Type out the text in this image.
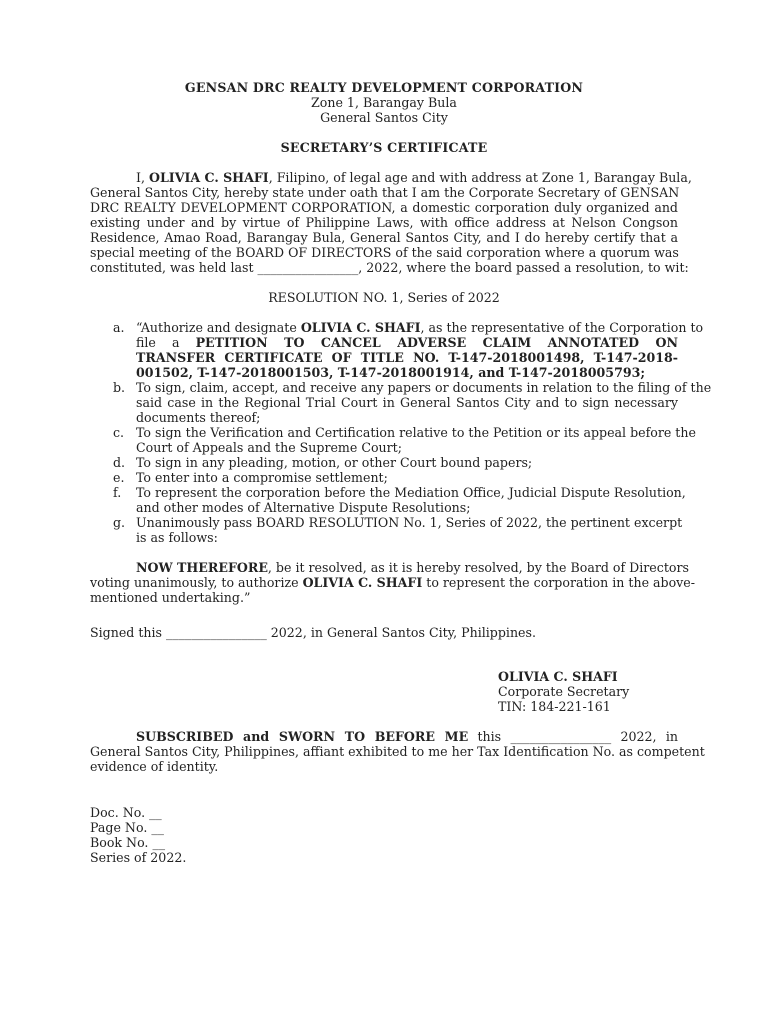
GENSAN DRC REALTY DEVELOPMENT CORPORATION
Zone 1, Barangay Bula
General Santos City
SECRETARY’S CERTIFICATE
I, OLIVIA C. SHAFI, Filipino, of legal age and with address at Zone 1, Barangay Bula,
General Santos City, hereby state under oath that I am the Corporate Secretary of GENSAN
DRC REALTY DEVELOPMENT CORPORATION, a domestic corporation duly organized and
existing under and by virtue of Philippine Laws, with office address at Nelson Congson
Residence, Amao Road, Barangay Bula, General Santos City, and I do hereby certify that a
special meeting of the BOARD OF DIRECTORS of the said corporation where a quorum was
constituted, was held last ________________, 2022, where the board passed a resolution, to wit:
RESOLUTION NO. 1, Series of 2022
a. “Authorize and designate OLIVIA C. SHAFI, as the representative of the Corporation to
file a PETITION TO CANCEL ADVERSE CLAIM ANNOTATED ON
TRANSFER CERTIFICATE OF TITLE NO. T-147-2018001498, T-147-2018-
001502, T-147-2018001503, T-147-2018001914, and T-147-2018005793;
b. To sign, claim, accept, and receive any papers or documents in relation to the filing of the
said case in the Regional Trial Court in General Santos City and to sign necessary
documents thereof;
c. To sign the Verification and Certification relative to the Petition or its appeal before the
Court of Appeals and the Supreme Court;
d. To sign in any pleading, motion, or other Court bound papers;
e. To enter into a compromise settlement;
f. To represent the corporation before the Mediation Office, Judicial Dispute Resolution,
and other modes of Alternative Dispute Resolutions;
g. Unanimously pass BOARD RESOLUTION No. 1, Series of 2022, the pertinent excerpt
is as follows:
NOW THEREFORE, be it resolved, as it is hereby resolved, by the Board of Directors
voting unanimously, to authorize OLIVIA C. SHAFI to represent the corporation in the above-
mentioned undertaking.”
Signed this ________________ 2022, in General Santos City, Philippines.
OLIVIA C. SHAFI
Corporate Secretary
TIN: 184-221-161
SUBSCRIBED and SWORN TO BEFORE ME this ________________ 2022, in
General Santos City, Philippines, affiant exhibited to me her Tax Identification No. as competent
evidence of identity.
Doc. No. __
Page No. __
Book No. __
Series of 2022.
